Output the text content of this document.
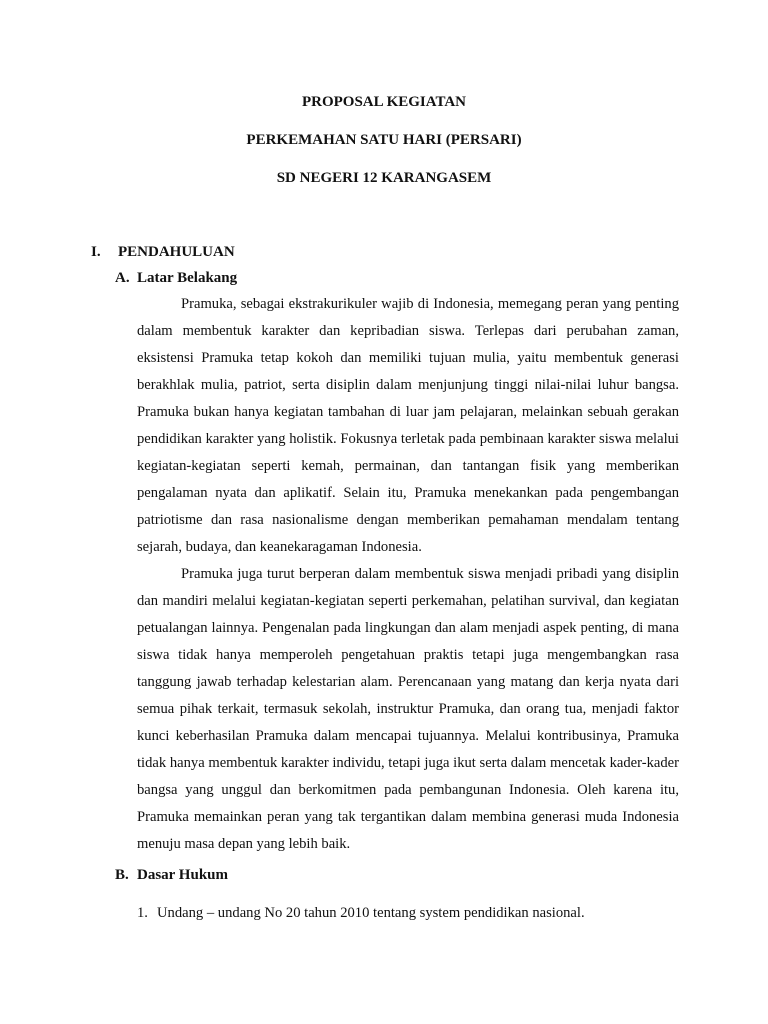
PROPOSAL KEGIATAN
PERKEMAHAN SATU HARI (PERSARI)
SD NEGERI 12 KARANGASEM
I. PENDAHULUAN
A. Latar Belakang

Pramuka, sebagai ekstrakurikuler wajib di Indonesia, memegang peran yang penting dalam membentuk karakter dan kepribadian siswa. Terlepas dari perubahan zaman, eksistensi Pramuka tetap kokoh dan memiliki tujuan mulia, yaitu membentuk generasi berakhlak mulia, patriot, serta disiplin dalam menjunjung tinggi nilai-nilai luhur bangsa. Pramuka bukan hanya kegiatan tambahan di luar jam pelajaran, melainkan sebuah gerakan pendidikan karakter yang holistik. Fokusnya terletak pada pembinaan karakter siswa melalui kegiatan-kegiatan seperti kemah, permainan, dan tantangan fisik yang memberikan pengalaman nyata dan aplikatif. Selain itu, Pramuka menekankan pada pengembangan patriotisme dan rasa nasionalisme dengan memberikan pemahaman mendalam tentang sejarah, budaya, dan keanekaragaman Indonesia.

Pramuka juga turut berperan dalam membentuk siswa menjadi pribadi yang disiplin dan mandiri melalui kegiatan-kegiatan seperti perkemahan, pelatihan survival, dan kegiatan petualangan lainnya. Pengenalan pada lingkungan dan alam menjadi aspek penting, di mana siswa tidak hanya memperoleh pengetahuan praktis tetapi juga mengembangkan rasa tanggung jawab terhadap kelestarian alam. Perencanaan yang matang dan kerja nyata dari semua pihak terkait, termasuk sekolah, instruktur Pramuka, dan orang tua, menjadi faktor kunci keberhasilan Pramuka dalam mencapai tujuannya. Melalui kontribusinya, Pramuka tidak hanya membentuk karakter individu, tetapi juga ikut serta dalam mencetak kader-kader bangsa yang unggul dan berkomitmen pada pembangunan Indonesia. Oleh karena itu, Pramuka memainkan peran yang tak tergantikan dalam membina generasi muda Indonesia menuju masa depan yang lebih baik.

B. Dasar Hukum
1. Undang – undang No 20 tahun 2010 tentang system pendidikan nasional.
